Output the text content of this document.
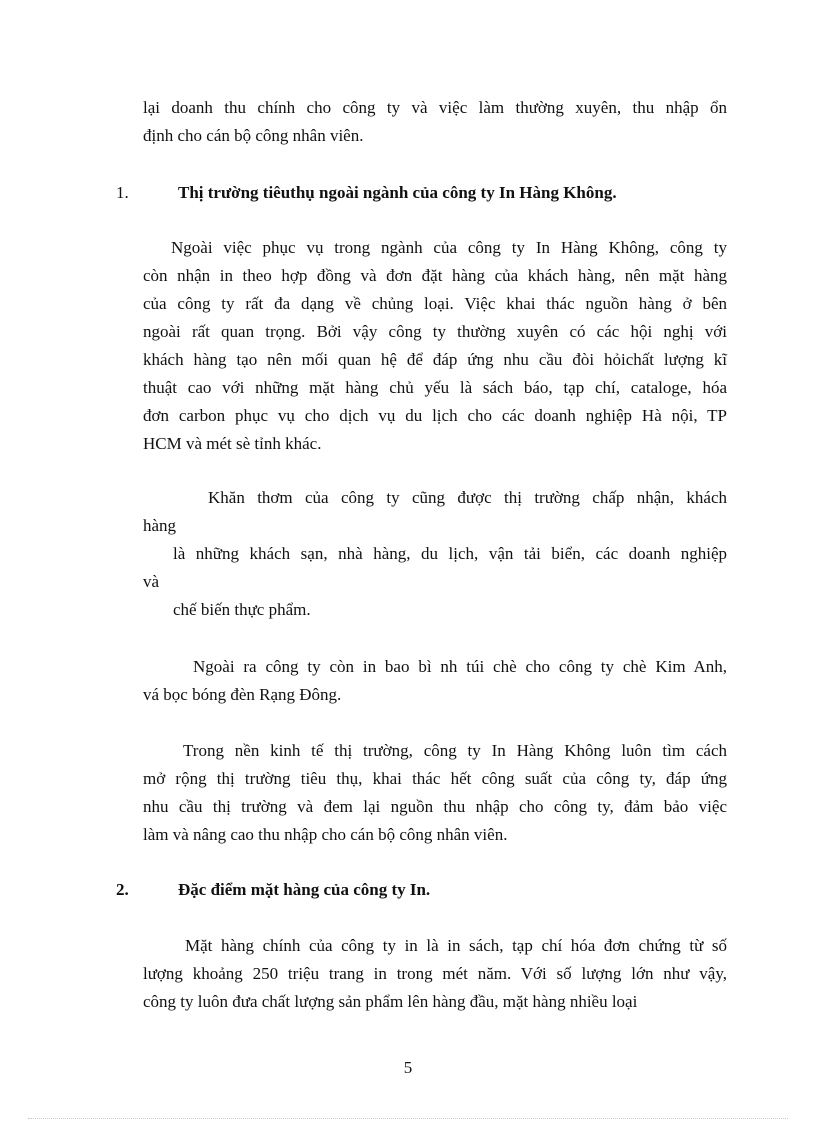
lại doanh thu chính cho công ty và việc làm thường xuyên, thu nhập ổn
định cho cán bộ công nhân viên.
1.	Thị trường tiêuthụ ngoài ngành của công ty In Hàng Không.
Ngoài việc phục vụ trong ngành của công ty In Hàng Không, công ty
còn nhận in theo hợp đồng và đơn đặt hàng của khách hàng, nên mặt hàng
của công ty rất đa dạng về chủng loại. Việc khai thác nguồn hàng ở bên
ngoài rất quan trọng. Bởi vậy công ty thường xuyên có các hội nghị với
khách hàng tạo nên mối quan hệ để đáp ứng nhu cầu đòi hỏichất lượng kĩ
thuật cao với những mặt hàng chủ yếu là sách báo, tạp chí, cataloge, hóa
đơn carbon phục vụ cho dịch vụ du lịch cho các doanh nghiệp Hà nội, TP
HCM và mét sè tỉnh khác.
Khăn thơm của công ty cũng được thị trường chấp nhận, khách
hàng
là những khách sạn, nhà hàng, du lịch, vận tải biển, các doanh nghiệp
và
chế biến thực phẩm.
Ngoài ra công ty còn in bao bì nh túi chè cho công ty chè Kim Anh,
vá bọc bóng đèn Rạng Đông.
Trong nền kinh tế thị trường, công ty In Hàng Không luôn tìm cách
mở rộng thị trường tiêu thụ, khai thác hết công suất của công ty, đáp ứng
nhu cầu thị trường và đem lại nguồn thu nhập cho công ty, đảm bảo việc
làm và nâng cao thu nhập cho cán bộ công nhân viên.
2.	Đặc điểm mặt hàng của công ty In.
Mặt hàng chính của công ty in là in sách, tạp chí hóa đơn chứng từ số
lượng khoảng 250 triệu trang in trong mét năm. Với số lượng lớn như vậy,
công ty luôn đưa chất lượng sản phẩm lên hàng đầu, mặt hàng nhiều loại
5
